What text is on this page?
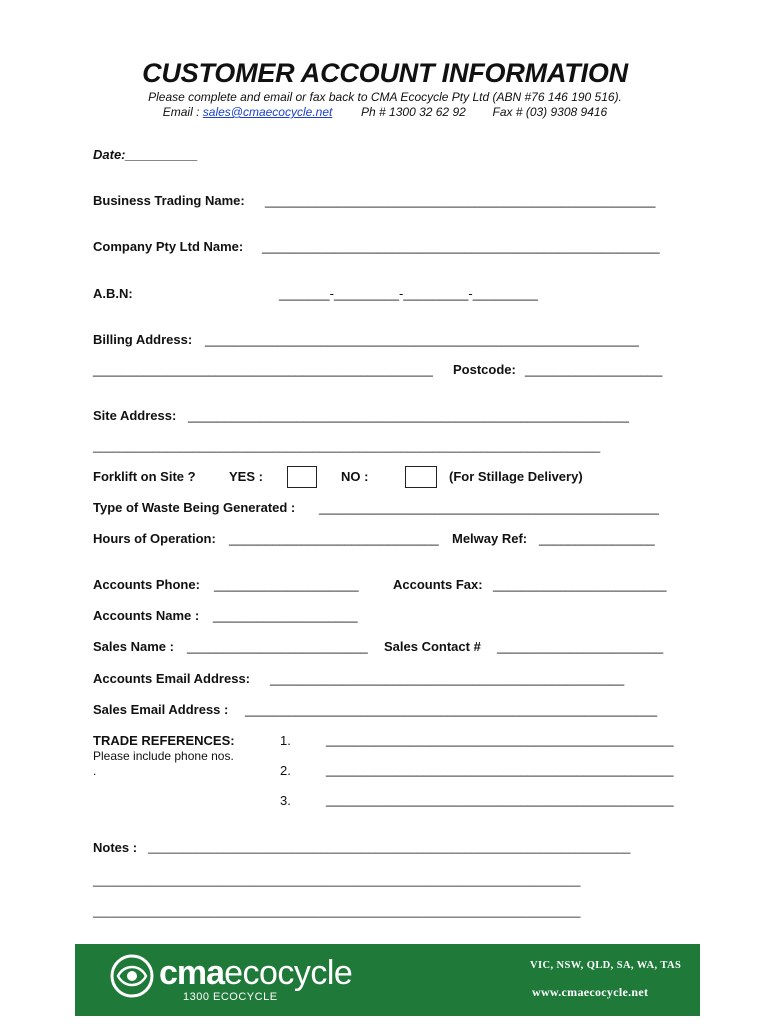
CUSTOMER ACCOUNT INFORMATION
Please complete and email or fax back to CMA Ecocycle Pty Ltd (ABN #76 146 190 516).
Email : sales@cmaecocycle.net Ph # 1300 32 62 92 Fax # (03) 9308 9416
Date:__________
Business Trading Name: ______________________________________________________
Company Pty Ltd Name: _______________________________________________________
A.B.N:	_______-_________-_________-_________
Billing Address: ____________________________________________________________
_______________________________________________ Postcode: ___________________
Site Address: _____________________________________________________________
____________________________________________________________________________
Forklift on Site ?	YES :	NO :	(For Stillage Delivery)
Type of Waste Being Generated : _______________________________________________
Hours of Operation: _____________________________ Melway Ref: ________________
Accounts Phone: ____________________	Accounts Fax: ________________________
Accounts Name : ____________________
Sales Name : _________________________ Sales Contact # _______________________
Accounts Email Address: _________________________________________________
Sales Email Address : _________________________________________________________
TRADE REFERENCES:
Please include phone nos.
.
1.	__________________________________________________
2.	__________________________________________________
3.	__________________________________________________
Notes : ______________________________________________________________________
___________________________________________________________________________
___________________________________________________________________________
cmaecocycle
1300 ECOCYCLE
VIC, NSW, QLD, SA, WA, TAS
www.cmaecocycle.net
